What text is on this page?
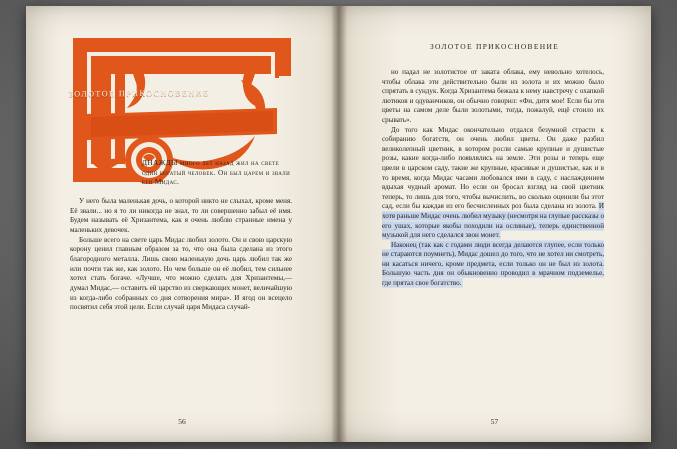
ЗОЛОТОЕ ПРИКОСНОВЕНИЕ
ДНАЖДЫ много лет назад жил на свете один богатый человек. Он был царем и звали его Мидас.

У него была маленькая дочь, о которой никто не слыхал, кроме меня. Её звали... но я то ли никогда не знал, то ли совершенно забыл её имя. Будем называть её Хризантема, как я очень люблю странные имена у маленьких девочек.

Больше всего на свете царь Мидас любил золото. Он и свою царскую корону ценил главным образом за то, что она была сделана из этого благородного металла. Лишь свою маленькую дочь царь любил так же или почти так же, как золото. Но чем больше он её любил, тем сильнее хотел стать богаче. «Лучше, что можно сделать для Хризантемы,— думал Мидас,— оставить ей царство из сверкающих монет, величайшую из когда-либо собранных со дня сотворения мира». И ягод он всецело посвятил себя этой цели. Если случай царя Мидаса случай-

56
ЗОЛОТОЕ ПРИКОСНОВЕНИЕ

но падал не золотистое от заката облака, ему невольно хотелось, чтобы облака эти действительно были из золота и их можно было спрятать в сундук. Когда Хризантема бежала к нему навстречу с охапкой лютиков и одуванчиков, он обычно говорил: «Фи, дитя мое! Если бы эти цветы на самом деле были золотыми, тогда, пожалуй, ещё стоило их срывать».

До того как Мидас окончательно отдался безумной страсти к собиранию богатств, он очень любил цветы. Он даже разбил великолепный цветник, в котором росли самые крупные и душистые розы, какие когда-либо появлялись на земле. Эти розы и теперь еще цвели в царском саду, такие же крупные, красивые и душистые, как и в то время, когда Мидас часами любовался ими в саду, с наслаждением вдыхая чудный аромат. Но если он бросал взгляд на свой цветник теперь, то лишь для того, чтобы вычислить, во сколько оценили бы этот сад, если бы каждая из его бесчисленных роз была сделана из золота. И хотя раньше Мидас очень любил музыку (несмотря на глупые рассказы о его ушах, которые якобы походили на ослиные), теперь единственной музыкой для него сделался звон монет.

Наконец (так как с годами люди всегда делаются глупее, если только не стараются поумнеть), Мидас дошел до того, что не хотел ни смотреть, ни касаться ничего, кроме предмета, если только он не был из золота. Большую часть дня он обыкновенно проводил в мрачном подземелье, где прятал свое богатство.

57
